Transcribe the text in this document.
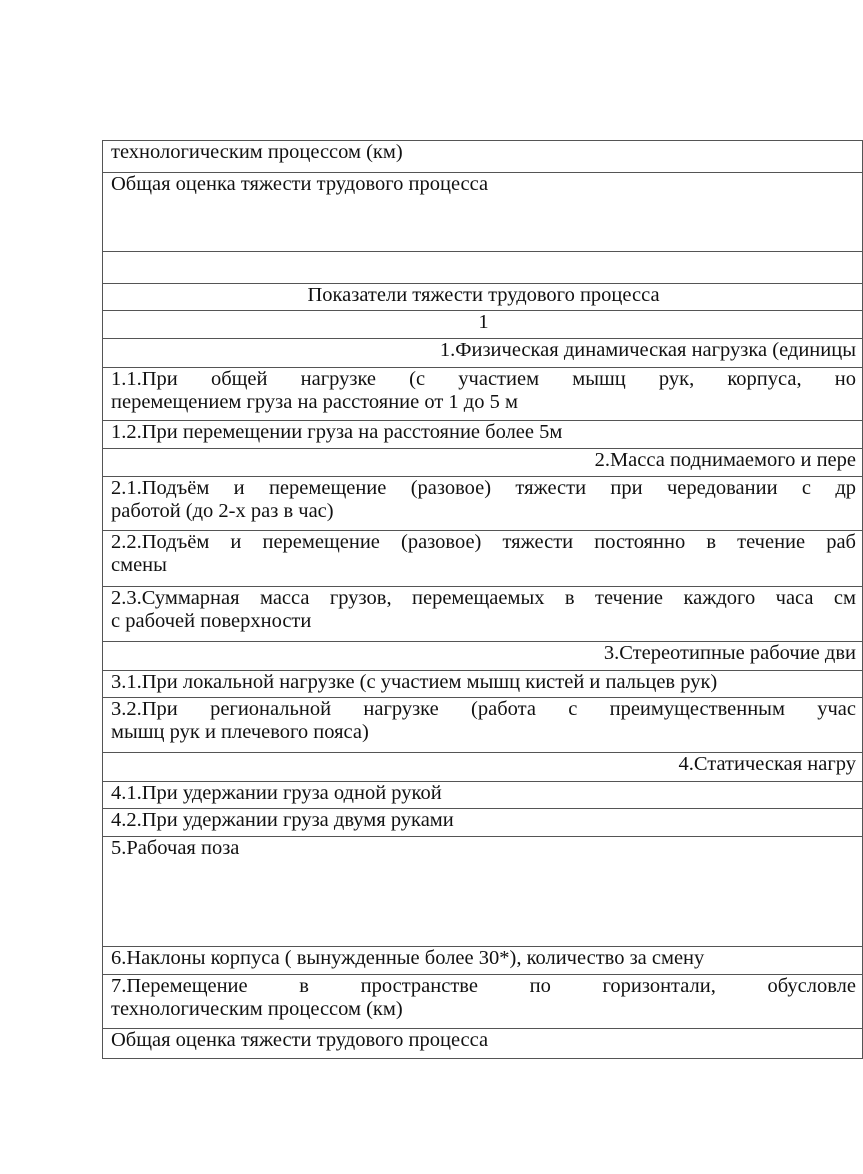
технологическим процессом (км)
Общая оценка тяжести трудового процесса

Показатели тяжести трудового процесса
1
1.Физическая динамическая нагрузка (единицы

1.1.При общей нагрузке (с участием мышц рук, корпуса, но
перемещением груза на расстояние от 1 до 5 м
1.2.При перемещении груза на расстояние более 5м
2.Масса поднимаемого и пере

2.1.Подъём и перемещение (разовое) тяжести при чередовании с др
работой (до 2-х раз в час)

2.2.Подъём и перемещение (разовое) тяжести постоянно в течение раб
смены

2.3.Суммарная масса грузов, перемещаемых в течение каждого часа см
с рабочей поверхности
3.Стереотипные рабочие дви
3.1.При локальной нагрузке (с участием мышц кистей и пальцев рук)

3.2.При региональной нагрузке (работа с преимущественным учас
мышц рук и плечевого пояса)
4.Статическая нагру
4.1.При удержании груза одной рукой
4.2.При удержании груза двумя руками
5.Рабочая поза
6.Наклоны корпуса ( вынужденные более 30*), количество за смену

7.Перемещение в пространстве по горизонтали, обусловле
технологическим процессом (км)
Общая оценка тяжести трудового процесса
